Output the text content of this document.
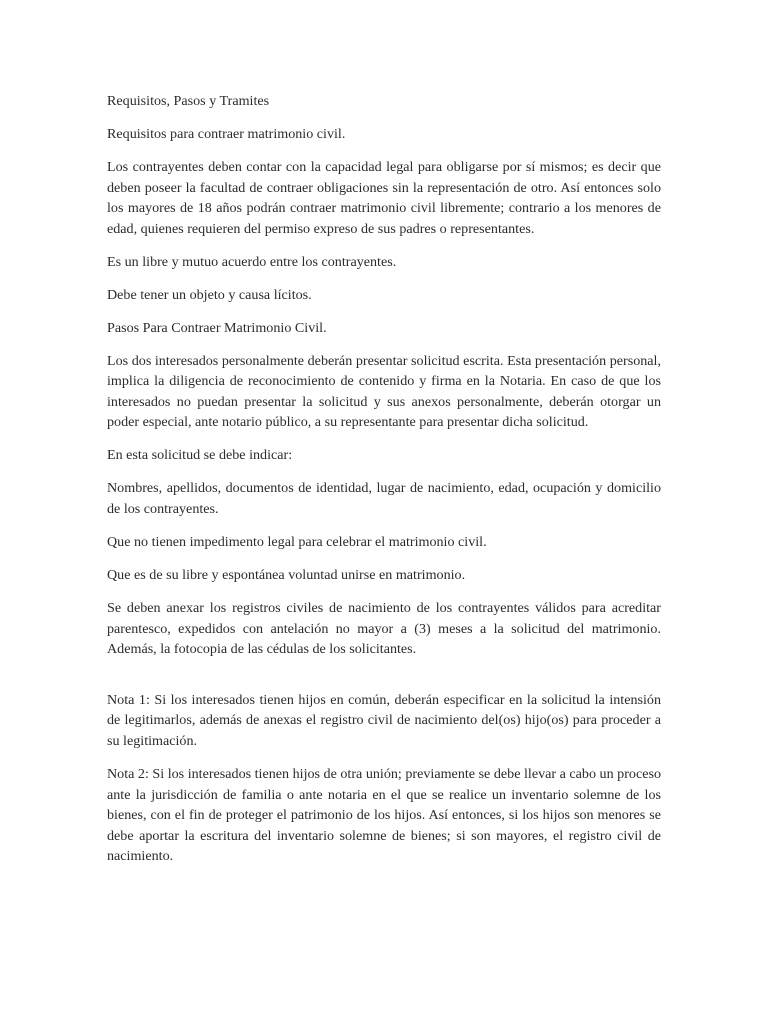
Requisitos, Pasos y Tramites

Requisitos para contraer matrimonio civil.

Los contrayentes deben contar con la capacidad legal para obligarse por sí mismos; es decir que deben poseer la facultad de contraer obligaciones sin la representación de otro. Así entonces solo los mayores de 18 años podrán contraer matrimonio civil libremente; contrario a los menores de edad, quienes requieren del permiso expreso de sus padres o representantes.

Es un libre y mutuo acuerdo entre los contrayentes.

Debe tener un objeto y causa lícitos.

Pasos Para Contraer Matrimonio Civil.

Los dos interesados personalmente deberán presentar solicitud escrita. Esta presentación personal, implica la diligencia de reconocimiento de contenido y firma en la Notaria. En caso de que los interesados no puedan presentar la solicitud y sus anexos personalmente, deberán otorgar un poder especial, ante notario público, a su representante para presentar dicha solicitud.

En esta solicitud se debe indicar:

Nombres, apellidos, documentos de identidad, lugar de nacimiento, edad, ocupación y domicilio de los contrayentes.

Que no tienen impedimento legal para celebrar el matrimonio civil.

Que es de su libre y espontánea voluntad unirse en matrimonio.

Se deben anexar los registros civiles de nacimiento de los contrayentes válidos para acreditar parentesco, expedidos con antelación no mayor a (3) meses a la solicitud del matrimonio. Además, la fotocopia de las cédulas de los solicitantes.

Nota 1: Si los interesados tienen hijos en común, deberán especificar en la solicitud la intensión de legitimarlos, además de anexas el registro civil de nacimiento del(os) hijo(os) para proceder a su legitimación.

Nota 2: Si los interesados tienen hijos de otra unión; previamente se debe llevar a cabo un proceso ante la jurisdicción de familia o ante notaria en el que se realice un inventario solemne de los bienes, con el fin de proteger el patrimonio de los hijos. Así entonces, si los hijos son menores se debe aportar la escritura del inventario solemne de bienes; si son mayores, el registro civil de nacimiento.
